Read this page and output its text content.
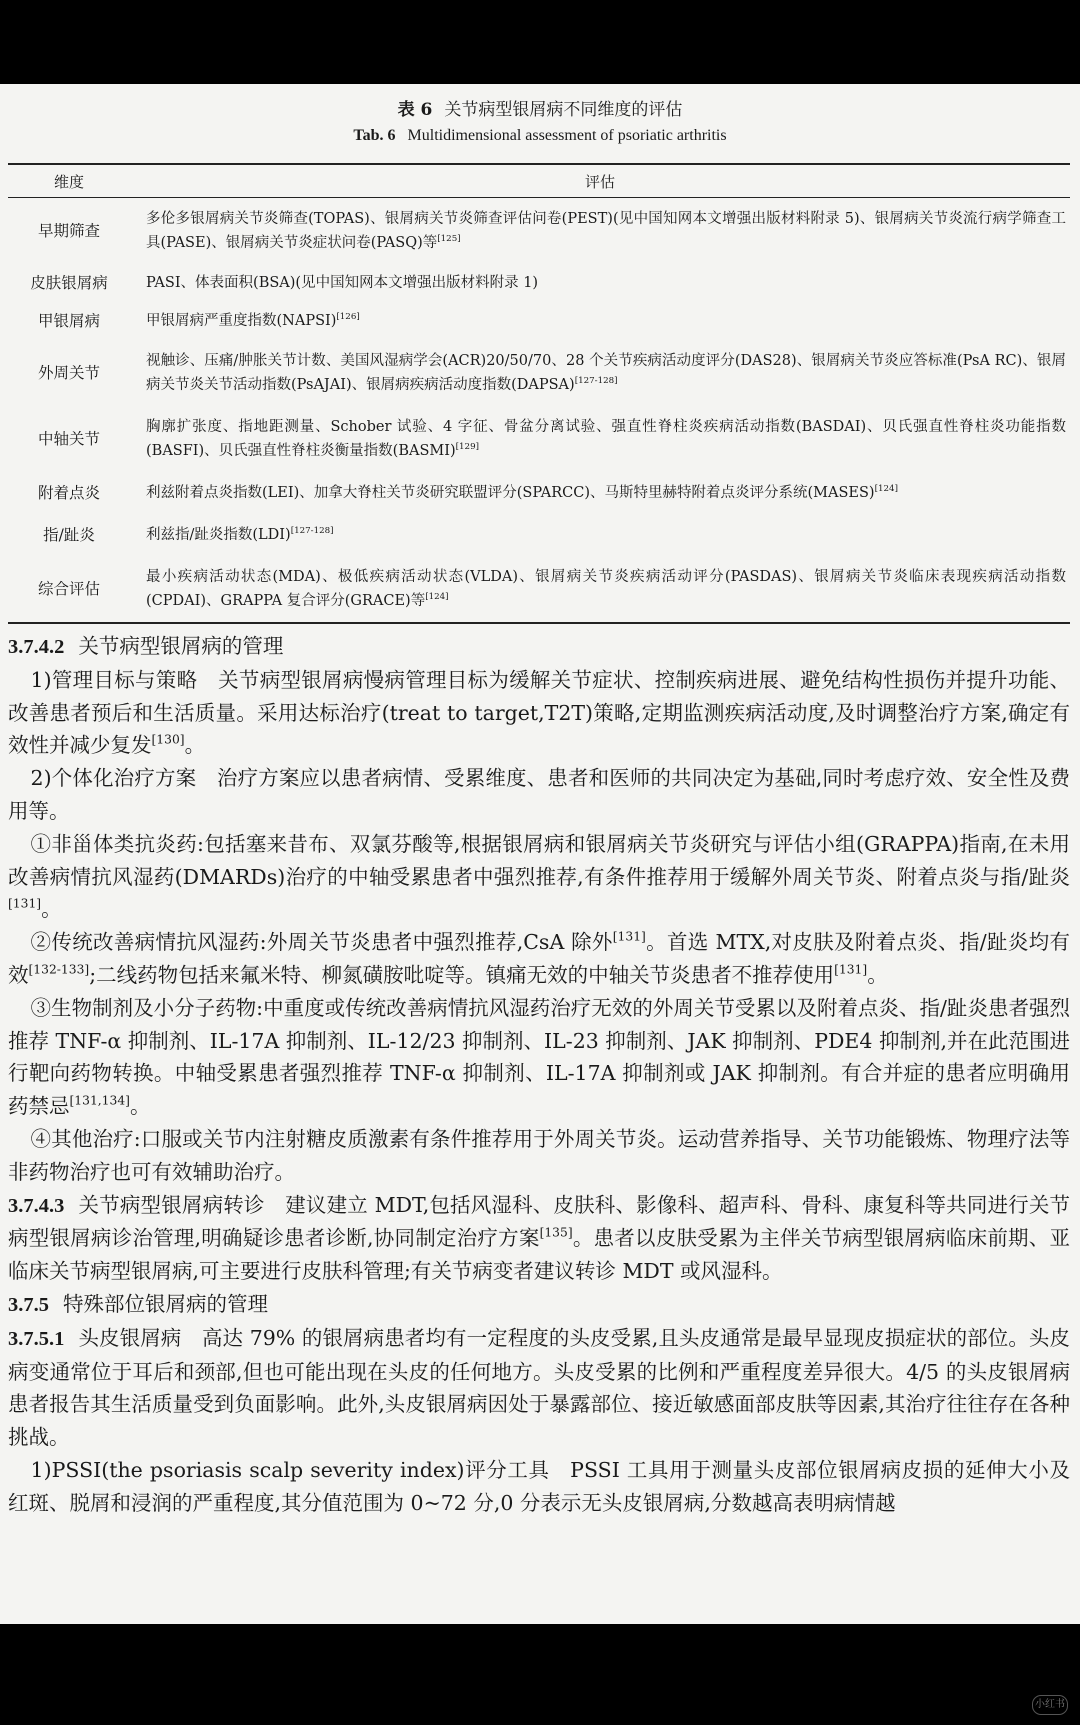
表 6 关节病型银屑病不同维度的评估
Tab. 6 Multidimensional assessment of psoriatic arthritis
维度	评估
早期筛查	多伦多银屑病关节炎筛查(TOPAS)、银屑病关节炎筛查评估问卷(PEST)(见中国知网本文增强出版材料附录 5)、银屑病关节炎流行病学筛查工具(PASE)、银屑病关节炎症状问卷(PASQ)等[125]
皮肤银屑病	PASI、体表面积(BSA)(见中国知网本文增强出版材料附录 1)
甲银屑病	甲银屑病严重度指数(NAPSI)[126]
外周关节	视触诊、压痛/肿胀关节计数、美国风湿病学会(ACR)20/50/70、28 个关节疾病活动度评分(DAS28)、银屑病关节炎应答标准(PsA RC)、银屑病关节炎关节活动指数(PsAJAI)、银屑病疾病活动度指数(DAPSA)[127-128]
中轴关节	胸廓扩张度、指地距测量、Schober 试验、4 字征、骨盆分离试验、强直性脊柱炎疾病活动指数(BASDAI)、贝氏强直性脊柱炎功能指数(BASFI)、贝氏强直性脊柱炎衡量指数(BASMI)[129]
附着点炎	利兹附着点炎指数(LEI)、加拿大脊柱关节炎研究联盟评分(SPARCC)、马斯特里赫特附着点炎评分系统(MASES)[124]
指/趾炎	利兹指/趾炎指数(LDI)[127-128]
综合评估	最小疾病活动状态(MDA)、极低疾病活动状态(VLDA)、银屑病关节炎疾病活动评分(PASDAS)、银屑病关节炎临床表现疾病活动指数(CPDAI)、GRAPPA 复合评分(GRACE)等[124]

3.7.4.2 关节病型银屑病的管理

1)管理目标与策略  关节病型银屑病慢病管理目标为缓解关节症状、控制疾病进展、避免结构性损伤并提升功能、改善患者预后和生活质量。采用达标治疗(treat to target,T2T)策略,定期监测疾病活动度,及时调整治疗方案,确定有效性并减少复发[130]。

2)个体化治疗方案  治疗方案应以患者病情、受累维度、患者和医师的共同决定为基础,同时考虑疗效、安全性及费用等。

①非甾体类抗炎药:包括塞来昔布、双氯芬酸等,根据银屑病和银屑病关节炎研究与评估小组(GRAPPA)指南,在未用改善病情抗风湿药(DMARDs)治疗的中轴受累患者中强烈推荐,有条件推荐用于缓解外周关节炎、附着点炎与指/趾炎[131]。

②传统改善病情抗风湿药:外周关节炎患者中强烈推荐,CsA 除外[131]。首选 MTX,对皮肤及附着点炎、指/趾炎均有效[132-133];二线药物包括来氟米特、柳氮磺胺吡啶等。镇痛无效的中轴关节炎患者不推荐使用[131]。

③生物制剂及小分子药物:中重度或传统改善病情抗风湿药治疗无效的外周关节受累以及附着点炎、指/趾炎患者强烈推荐 TNF-α 抑制剂、IL-17A 抑制剂、IL-12/23 抑制剂、IL-23 抑制剂、JAK 抑制剂、PDE4 抑制剂,并在此范围进行靶向药物转换。中轴受累患者强烈推荐 TNF-α 抑制剂、IL-17A 抑制剂或 JAK 抑制剂。有合并症的患者应明确用药禁忌[131,134]。

④其他治疗:口服或关节内注射糖皮质激素有条件推荐用于外周关节炎。运动营养指导、关节功能锻炼、物理疗法等非药物治疗也可有效辅助治疗。

3.7.4.3 关节病型银屑病转诊  建议建立 MDT,包括风湿科、皮肤科、影像科、超声科、骨科、康复科等共同进行关节病型银屑病诊治管理,明确疑诊患者诊断,协同制定治疗方案[135]。患者以皮肤受累为主伴关节病型银屑病临床前期、亚临床关节病型银屑病,可主要进行皮肤科管理;有关节病变者建议转诊 MDT 或风湿科。

3.7.5 特殊部位银屑病的管理

3.7.5.1 头皮银屑病  高达 79% 的银屑病患者均有一定程度的头皮受累,且头皮通常是最早显现皮损症状的部位。头皮病变通常位于耳后和颈部,但也可能出现在头皮的任何地方。头皮受累的比例和严重程度差异很大。4/5 的头皮银屑病患者报告其生活质量受到负面影响。此外,头皮银屑病因处于暴露部位、接近敏感面部皮肤等因素,其治疗往往存在各种挑战。

1)PSSI(the psoriasis scalp severity index)评分工具  PSSI 工具用于测量头皮部位银屑病皮损的延伸大小及红斑、脱屑和浸润的严重程度,其分值范围为 0~72 分,0 分表示无头皮银屑病,分数越高表明病情越

小红书
